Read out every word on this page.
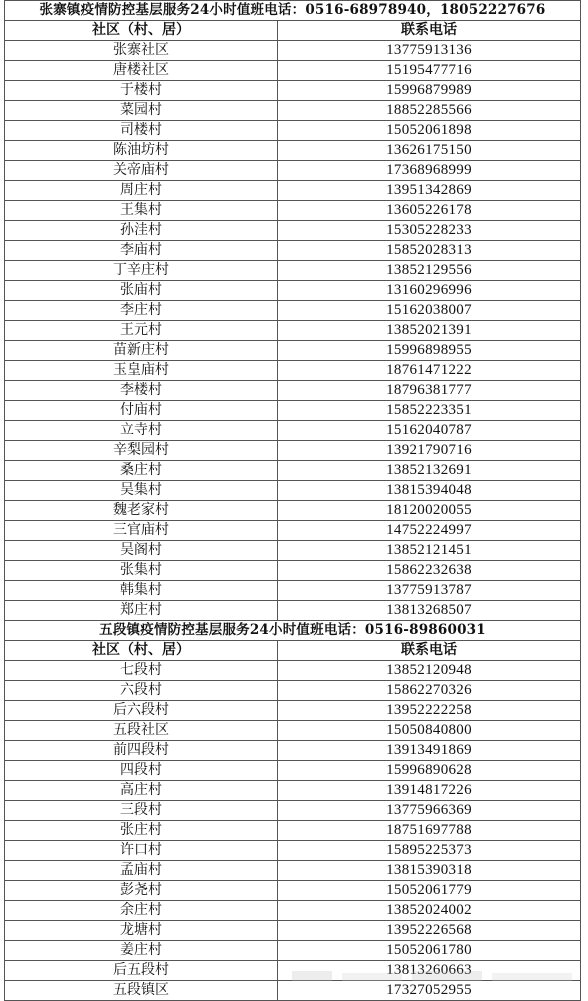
张寨镇疫情防控基层服务24小时值班电话：0516-68978940，18052227676	
社区（村、居）	联系电话
张寨社区	13775913136
唐楼社区	15195477716
于楼村	15996879989
菜园村	18852285566
司楼村	15052061898
陈油坊村	13626175150
关帝庙村	17368968999
周庄村	13951342869
王集村	13605226178
孙洼村	15305228233
李庙村	15852028313
丁辛庄村	13852129556
张庙村	13160296996
李庄村	15162038007
王元村	13852021391
苗新庄村	15996898955
玉皇庙村	18761471222
李楼村	18796381777
付庙村	15852223351
立寺村	15162040787
辛梨园村	13921790716
桑庄村	13852132691
吴集村	13815394048
魏老家村	18120020055
三官庙村	14752224997
吴阁村	13852121451
张集村	15862232638
韩集村	13775913787
郑庄村	13813268507
五段镇疫情防控基层服务24小时值班电话：0516-89860031	
社区（村、居）	联系电话
七段村	13852120948
六段村	15862270326
后六段村	13952222258
五段社区	15050840800
前四段村	13913491869
四段村	15996890628
高庄村	13914817226
三段村	13775966369
张庄村	18751697788
许口村	15895225373
孟庙村	13815390318
彭尧村	15052061779
余庄村	13852024002
龙塘村	13952226568
姜庄村	15052061780
后五段村	13813260663
五段镇区	17327052955
